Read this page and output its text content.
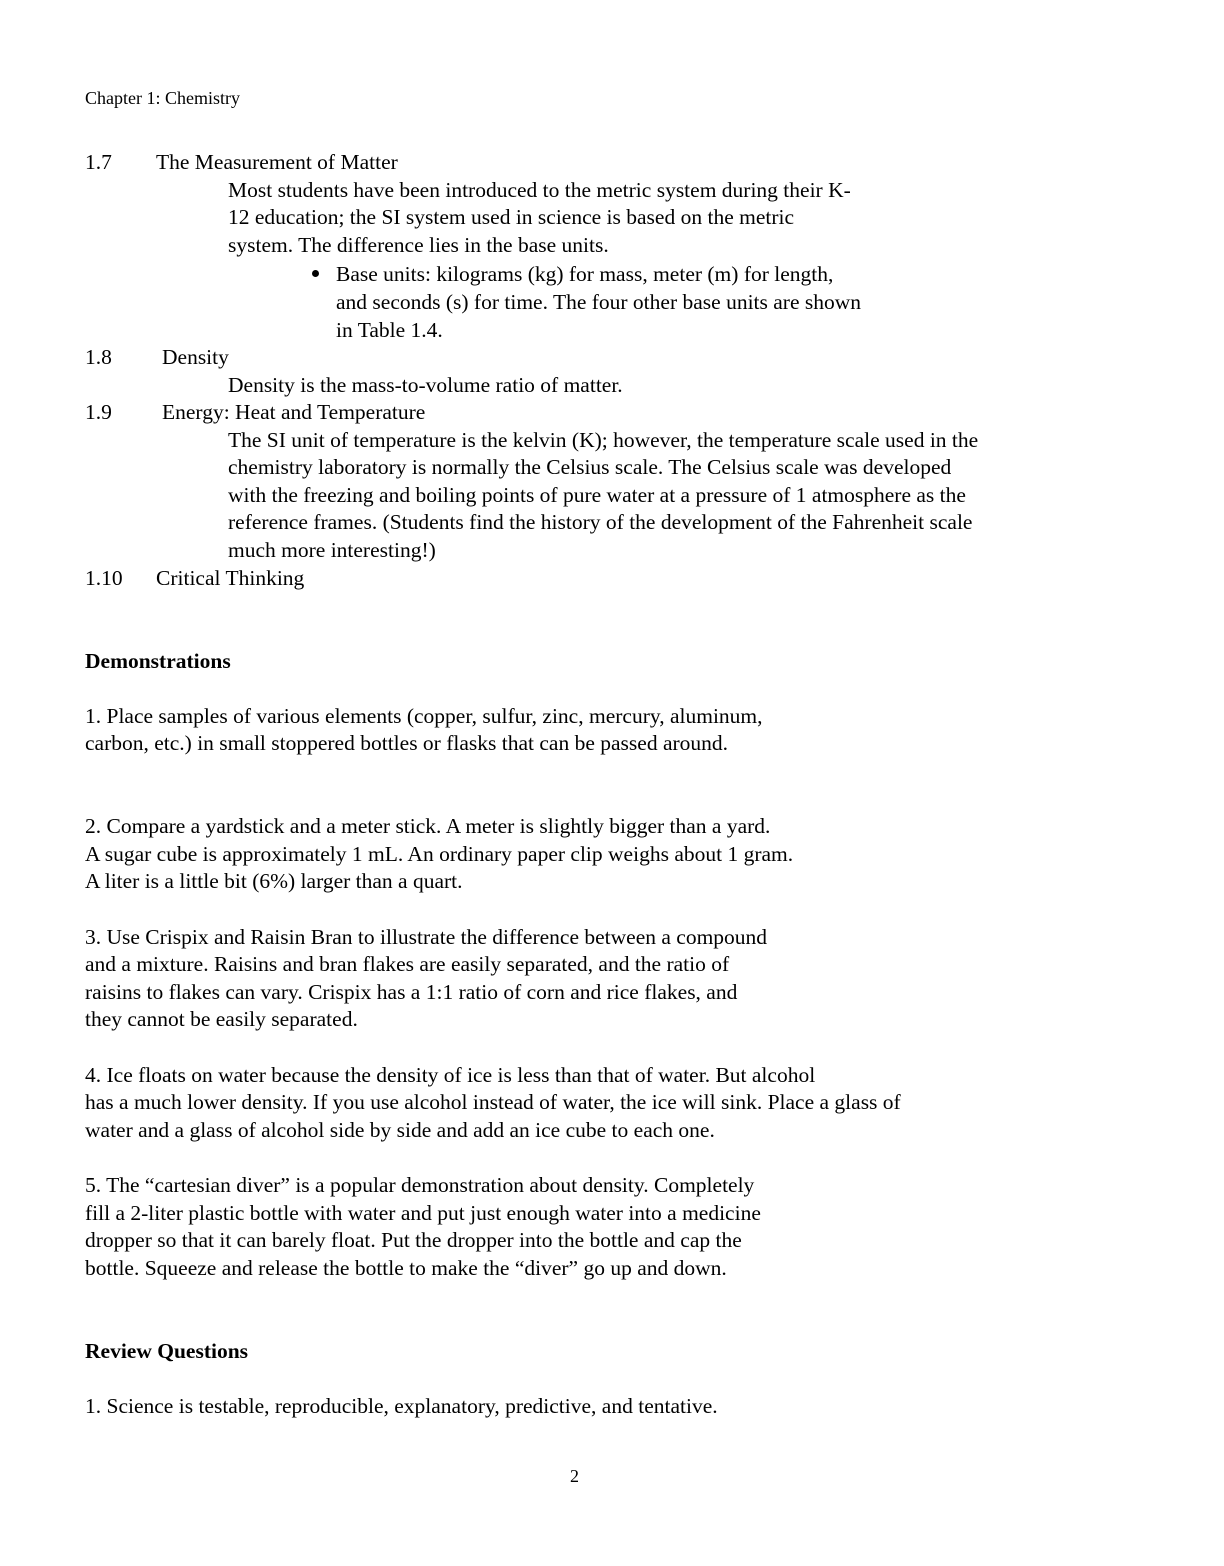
Chapter 1: Chemistry
1.7 The Measurement of Matter
Most students have been introduced to the metric system during their K-
12 education; the SI system used in science is based on the metric
system. The difference lies in the base units.
Base units: kilograms (kg) for mass, meter (m) for length,
and seconds (s) for time. The four other base units are shown
in Table 1.4.
1.8 Density
Density is the mass-to-volume ratio of matter.
1.9 Energy: Heat and Temperature
The SI unit of temperature is the kelvin (K); however, the temperature scale used in the
chemistry laboratory is normally the Celsius scale. The Celsius scale was developed
with the freezing and boiling points of pure water at a pressure of 1 atmosphere as the
reference frames. (Students find the history of the development of the Fahrenheit scale
much more interesting!)
1.10 Critical Thinking
Demonstrations
1. Place samples of various elements (copper, sulfur, zinc, mercury, aluminum,
carbon, etc.) in small stoppered bottles or flasks that can be passed around.
2. Compare a yardstick and a meter stick. A meter is slightly bigger than a yard.
A sugar cube is approximately 1 mL. An ordinary paper clip weighs about 1 gram.
A liter is a little bit (6%) larger than a quart.
3. Use Crispix and Raisin Bran to illustrate the difference between a compound
and a mixture. Raisins and bran flakes are easily separated, and the ratio of
raisins to flakes can vary. Crispix has a 1:1 ratio of corn and rice flakes, and
they cannot be easily separated.
4. Ice floats on water because the density of ice is less than that of water. But alcohol
has a much lower density. If you use alcohol instead of water, the ice will sink. Place a glass of
water and a glass of alcohol side by side and add an ice cube to each one.
5. The “cartesian diver” is a popular demonstration about density. Completely
fill a 2-liter plastic bottle with water and put just enough water into a medicine
dropper so that it can barely float. Put the dropper into the bottle and cap the
bottle. Squeeze and release the bottle to make the “diver” go up and down.
Review Questions
1. Science is testable, reproducible, explanatory, predictive, and tentative.
2
